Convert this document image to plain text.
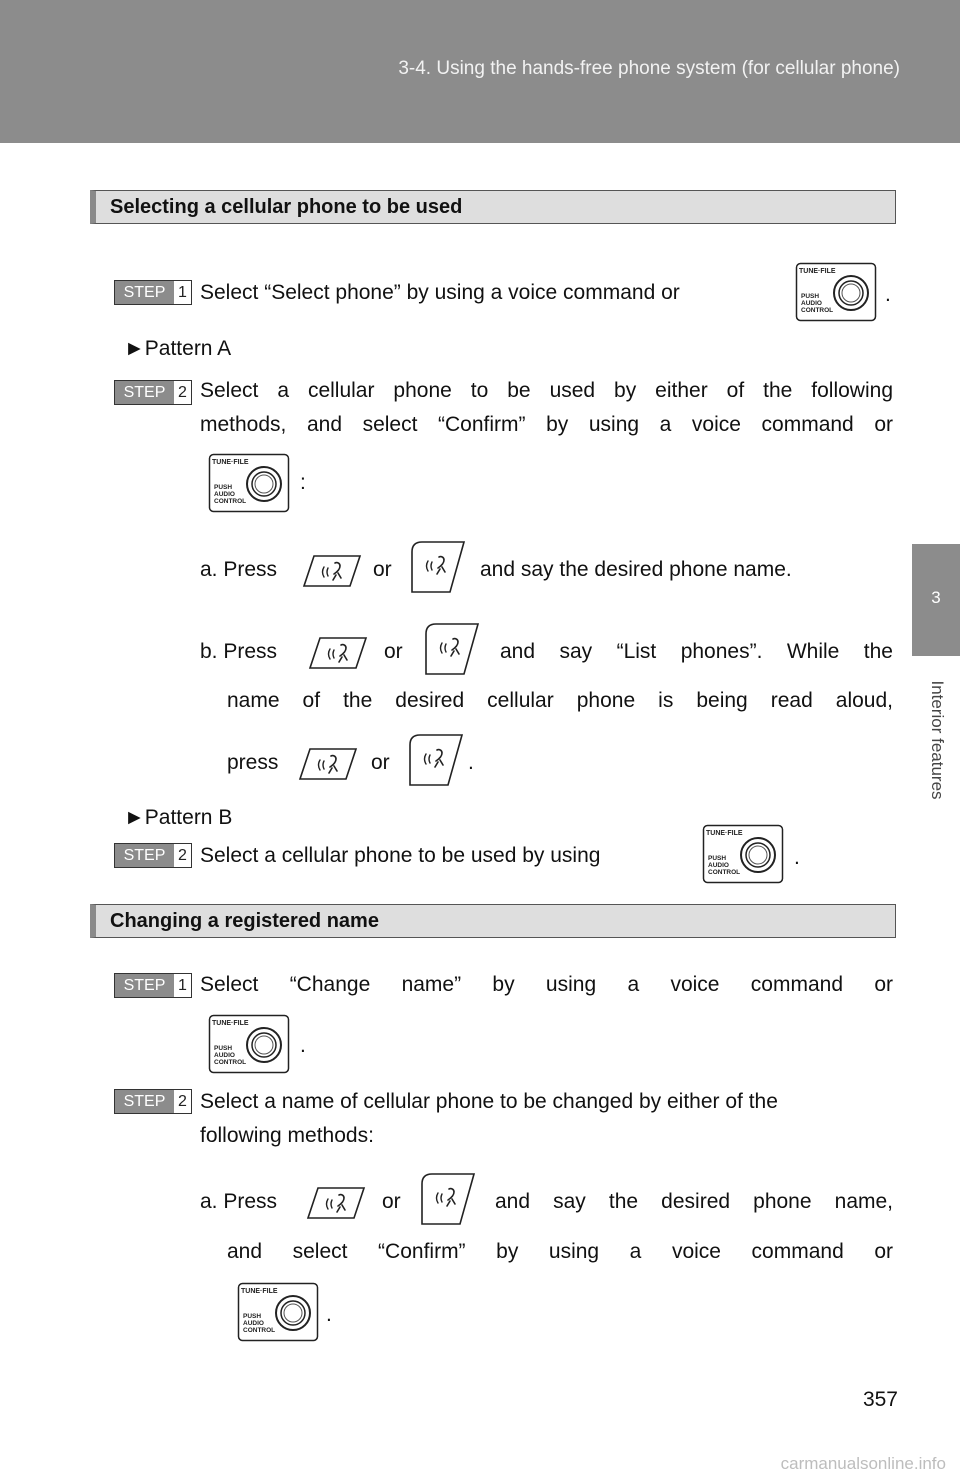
3-4. Using the hands-free phone system (for cellular phone)
3
Interior features
Selecting a cellular phone to be used
STEP 1 Select “Select phone” by using a voice command or
TUNE·FILE
PUSH
AUDIO
CONTROL
.
►Pattern A
STEP 2 Select a cellular phone to be used by either of the following
methods, and select “Confirm” by using a voice command or
TUNE·FILE
PUSH
AUDIO
CONTROL
:
a. Press	or	and say the desired phone name.
b. Press	or	and say “List phones”. While the
name of the desired cellular phone is being read aloud,
press	or	.
►Pattern B
STEP 2 Select a cellular phone to be used by using
TUNE·FILE
PUSH
AUDIO
CONTROL
.
Changing a registered name
STEP 1 Select “Change name” by using a voice command or
TUNE·FILE
PUSH
AUDIO
CONTROL
.
STEP 2 Select a name of cellular phone to be changed by either of the
following methods:
a. Press	or	and say the desired phone name,
and select “Confirm” by using a voice command or
TUNE·FILE
PUSH
AUDIO
CONTROL
.
357
carmanualsonline.info
